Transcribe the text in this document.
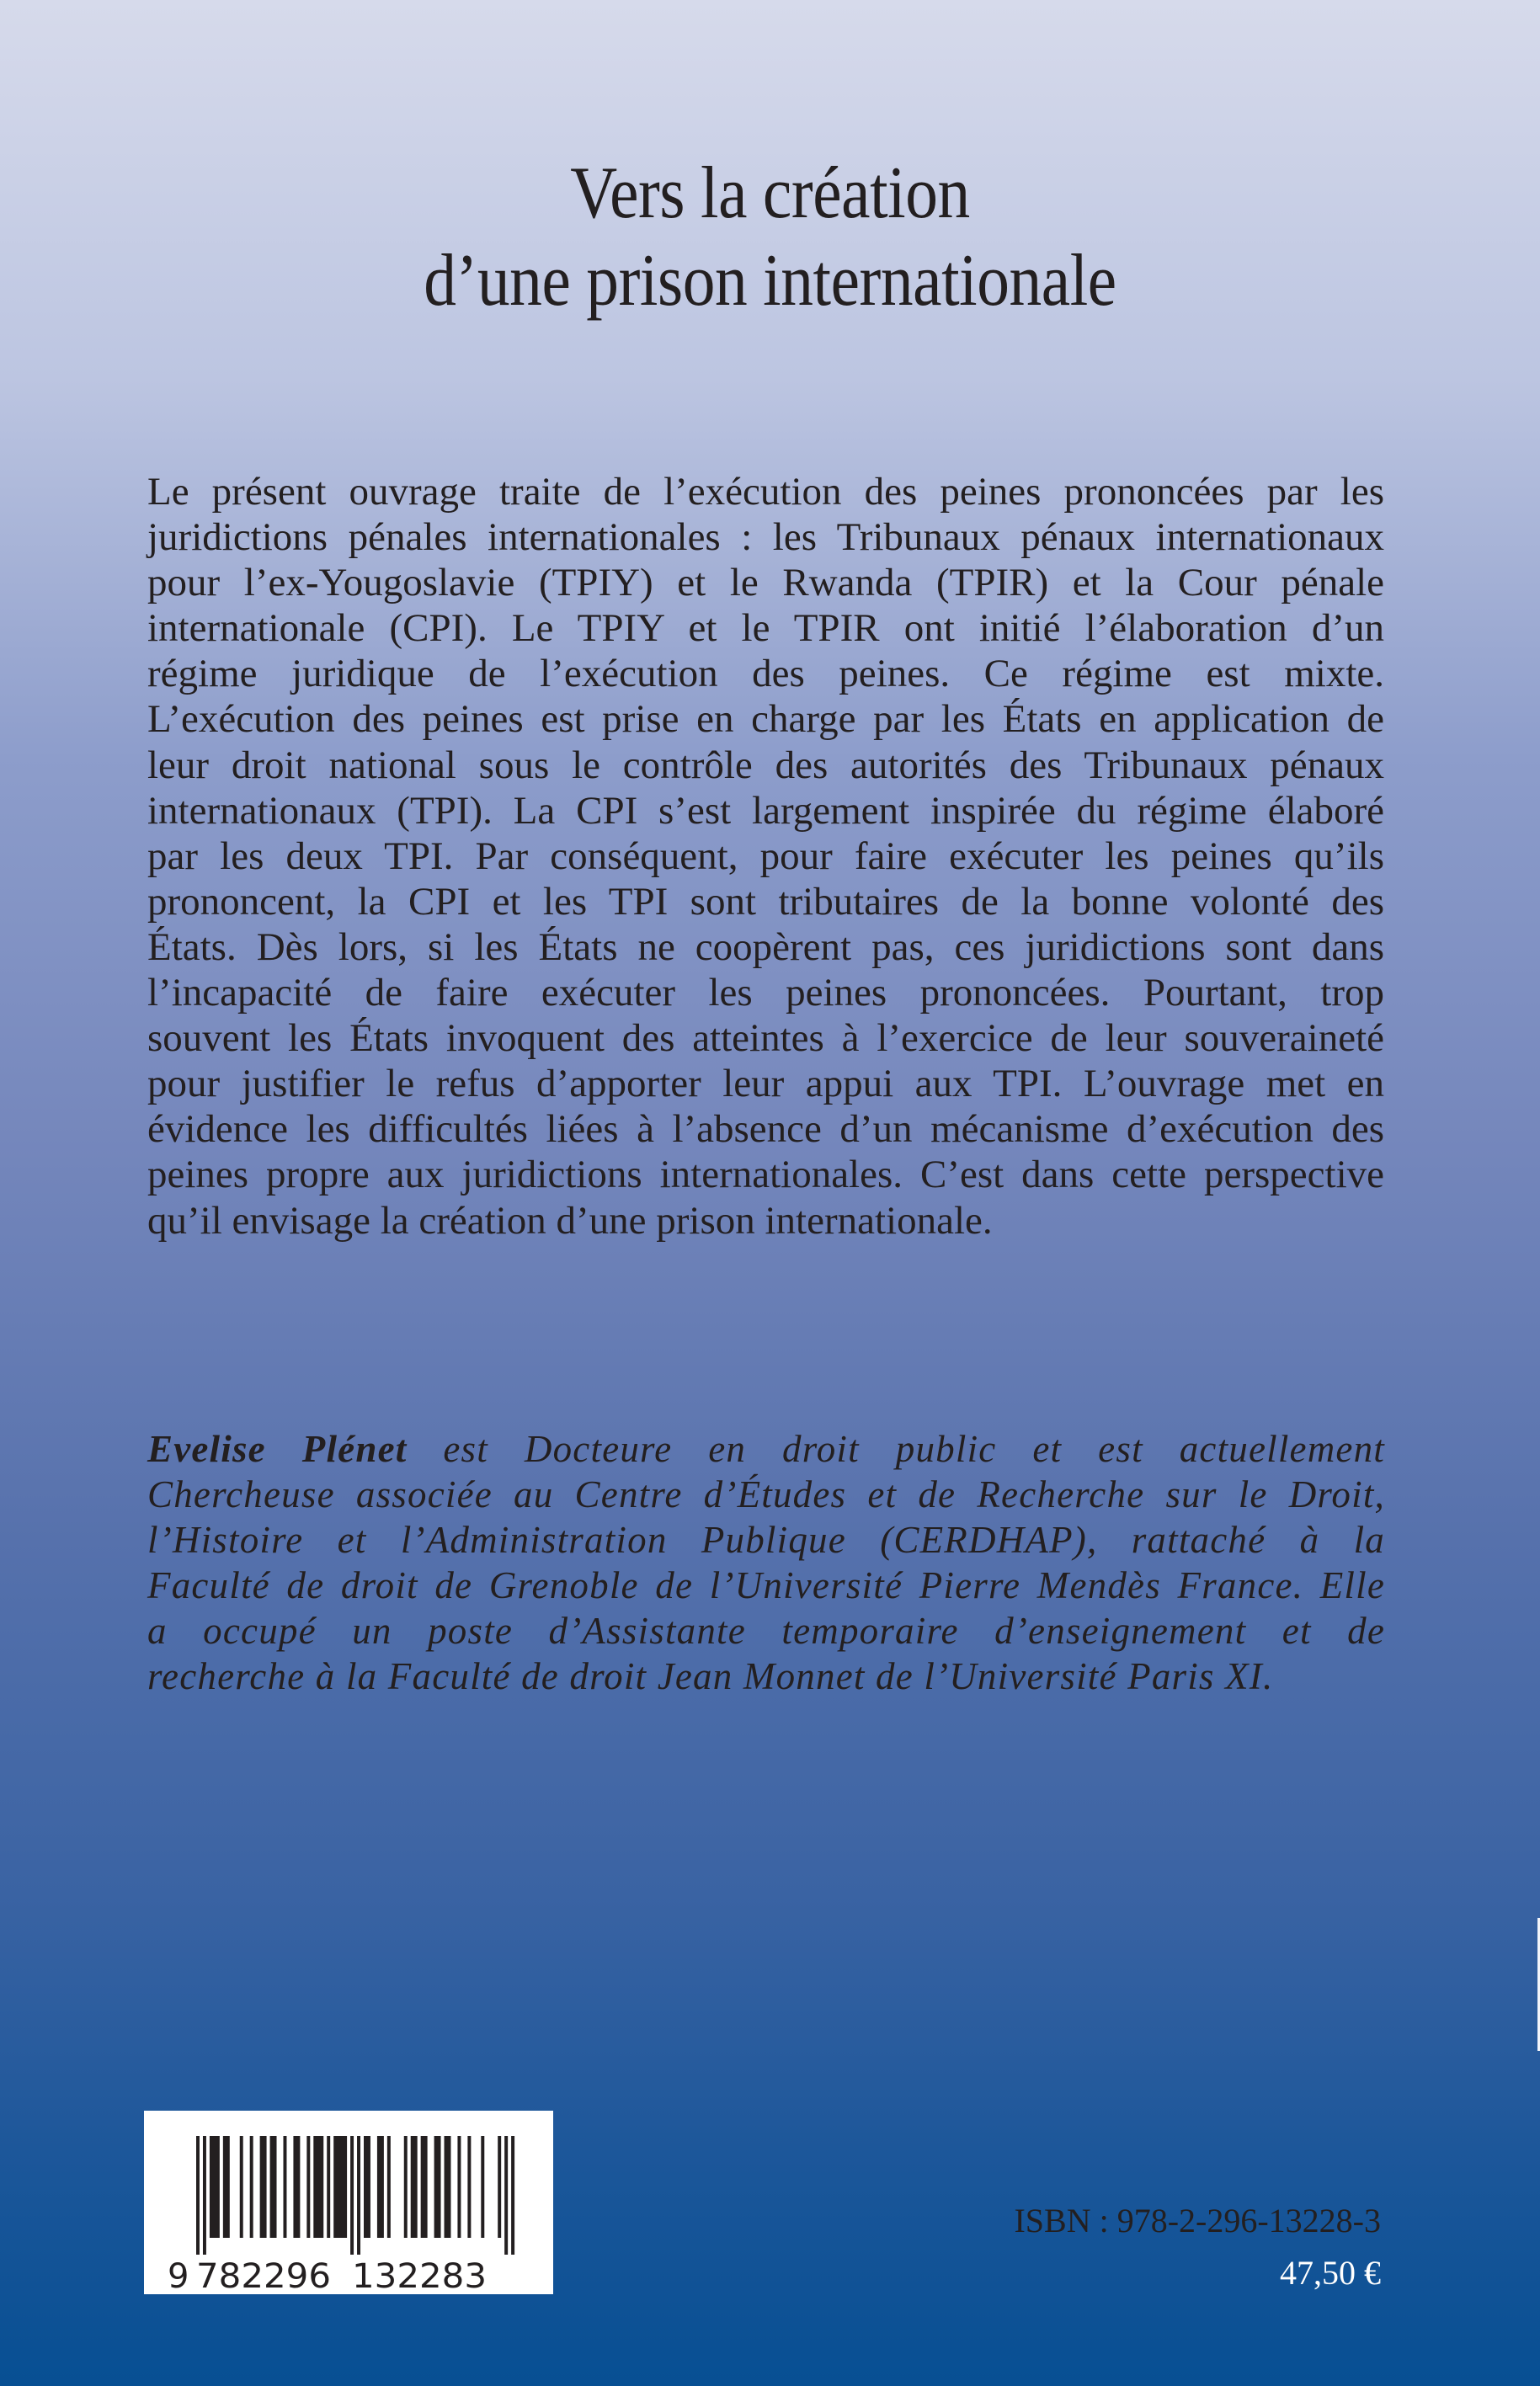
Vers la création
d’une prison internationale
Le présent ouvrage traite de l’exécution des peines prononcées par les
juridictions pénales internationales : les Tribunaux pénaux internationaux
pour l’ex-Yougoslavie (TPIY) et le Rwanda (TPIR) et la Cour pénale
internationale (CPI). Le TPIY et le TPIR ont initié l’élaboration d’un
régime juridique de l’exécution des peines. Ce régime est mixte.
L’exécution des peines est prise en charge par les États en application de
leur droit national sous le contrôle des autorités des Tribunaux pénaux
internationaux (TPI). La CPI s’est largement inspirée du régime élaboré
par les deux TPI. Par conséquent, pour faire exécuter les peines qu’ils
prononcent, la CPI et les TPI sont tributaires de la bonne volonté des
États. Dès lors, si les États ne coopèrent pas, ces juridictions sont dans
l’incapacité de faire exécuter les peines prononcées. Pourtant, trop
souvent les États invoquent des atteintes à l’exercice de leur souveraineté
pour justifier le refus d’apporter leur appui aux TPI. L’ouvrage met en
évidence les difficultés liées à l’absence d’un mécanisme d’exécution des
peines propre aux juridictions internationales. C’est dans cette perspective
qu’il envisage la création d’une prison internationale.
Evelise Plénet est Docteure en droit public et est actuellement
Chercheuse associée au Centre d’Études et de Recherche sur le Droit,
l’Histoire et l’Administration Publique (CERDHAP), rattaché à la
Faculté de droit de Grenoble de l’Université Pierre Mendès France. Elle
a occupé un poste d’Assistante temporaire d’enseignement et de
recherche à la Faculté de droit Jean Monnet de l’Université Paris XI.
9 782296 132283
ISBN : 978-2-296-13228-3
47,50 €
